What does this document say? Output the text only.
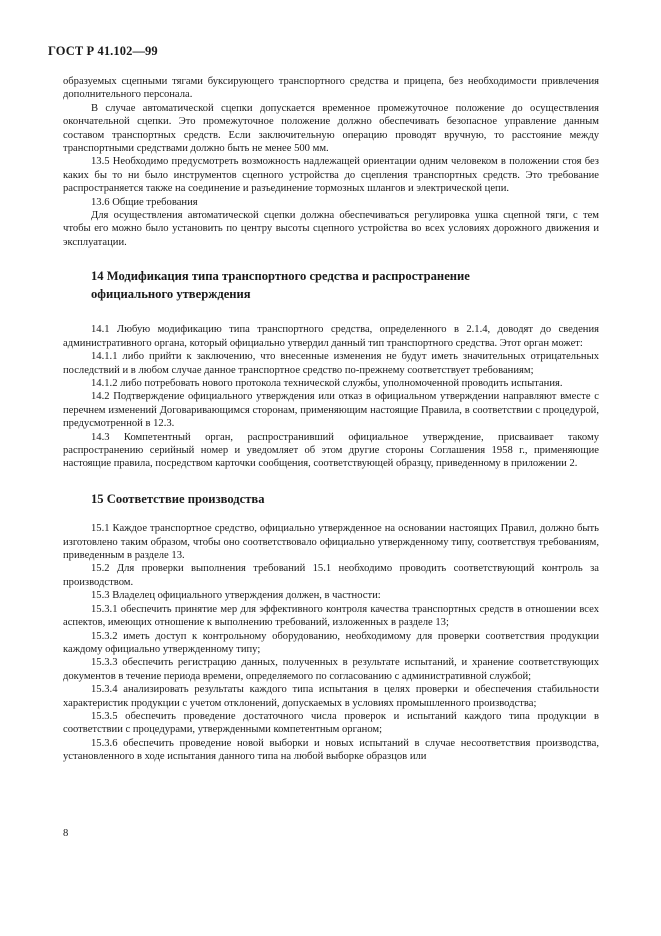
ГОСТ Р 41.102—99

образуемых сцепными тягами буксирующего транспортного средства и прицепа, без необходимости привлечения дополнительного персонала.

В случае автоматической сцепки допускается временное промежуточное положение до осуществления окончательной сцепки. Это промежуточное положение должно обеспечивать безопасное управление данным составом транспортных средств. Если заключительную операцию проводят вручную, то расстояние между транспортными средствами должно быть не менее 500 мм.

13.5 Необходимо предусмотреть возможность надлежащей ориентации одним человеком в положении стоя без каких бы то ни было инструментов сцепного устройства до сцепления транспортных средств. Это требование распространяется также на соединение и разъединение тормозных шлангов и электрической цепи.

13.6 Общие требования

Для осуществления автоматической сцепки должна обеспечиваться регулировка ушка сцепной тяги, с тем чтобы его можно было установить по центру высоты сцепного устройства во всех условиях дорожного движения и эксплуатации.

14 Модификация типа транспортного средства и распространение
официального утверждения

14.1 Любую модификацию типа транспортного средства, определенного в 2.1.4, доводят до сведения административного органа, который официально утвердил данный тип транспортного средства. Этот орган может:

14.1.1 либо прийти к заключению, что внесенные изменения не будут иметь значительных отрицательных последствий и в любом случае данное транспортное средство по-прежнему соответствует требованиям;

14.1.2 либо потребовать нового протокола технической службы, уполномоченной проводить испытания.

14.2 Подтверждение официального утверждения или отказ в официальном утверждении направляют вместе с перечнем изменений Договаривающимся сторонам, применяющим настоящие Правила, в соответствии с процедурой, предусмотренной в 12.3.

14.3 Компетентный орган, распространивший официальное утверждение, присваивает такому распространению серийный номер и уведомляет об этом другие стороны Соглашения 1958 г., применяющие настоящие правила, посредством карточки сообщения, соответствующей образцу, приведенному в приложении 2.

15 Соответствие производства

15.1 Каждое транспортное средство, официально утвержденное на основании настоящих Правил, должно быть изготовлено таким образом, чтобы оно соответствовало официально утвержденному типу, соответствуя требованиям, приведенным в разделе 13.

15.2 Для проверки выполнения требований 15.1 необходимо проводить соответствующий контроль за производством.

15.3 Владелец официального утверждения должен, в частности:

15.3.1 обеспечить принятие мер для эффективного контроля качества транспортных средств в отношении всех аспектов, имеющих отношение к выполнению требований, изложенных в разделе 13;

15.3.2 иметь доступ к контрольному оборудованию, необходимому для проверки соответствия продукции каждому официально утвержденному типу;

15.3.3 обеспечить регистрацию данных, полученных в результате испытаний, и хранение соответствующих документов в течение периода времени, определяемого по согласованию с административной службой;

15.3.4 анализировать результаты каждого типа испытания в целях проверки и обеспечения стабильности характеристик продукции с учетом отклонений, допускаемых в условиях промышленного производства;

15.3.5 обеспечить проведение достаточного числа проверок и испытаний каждого типа продукции в соответствии с процедурами, утвержденными компетентным органом;

15.3.6 обеспечить проведение новой выборки и новых испытаний в случае несоответствия производства, установленного в ходе испытания данного типа на любой выборке образцов или

8
